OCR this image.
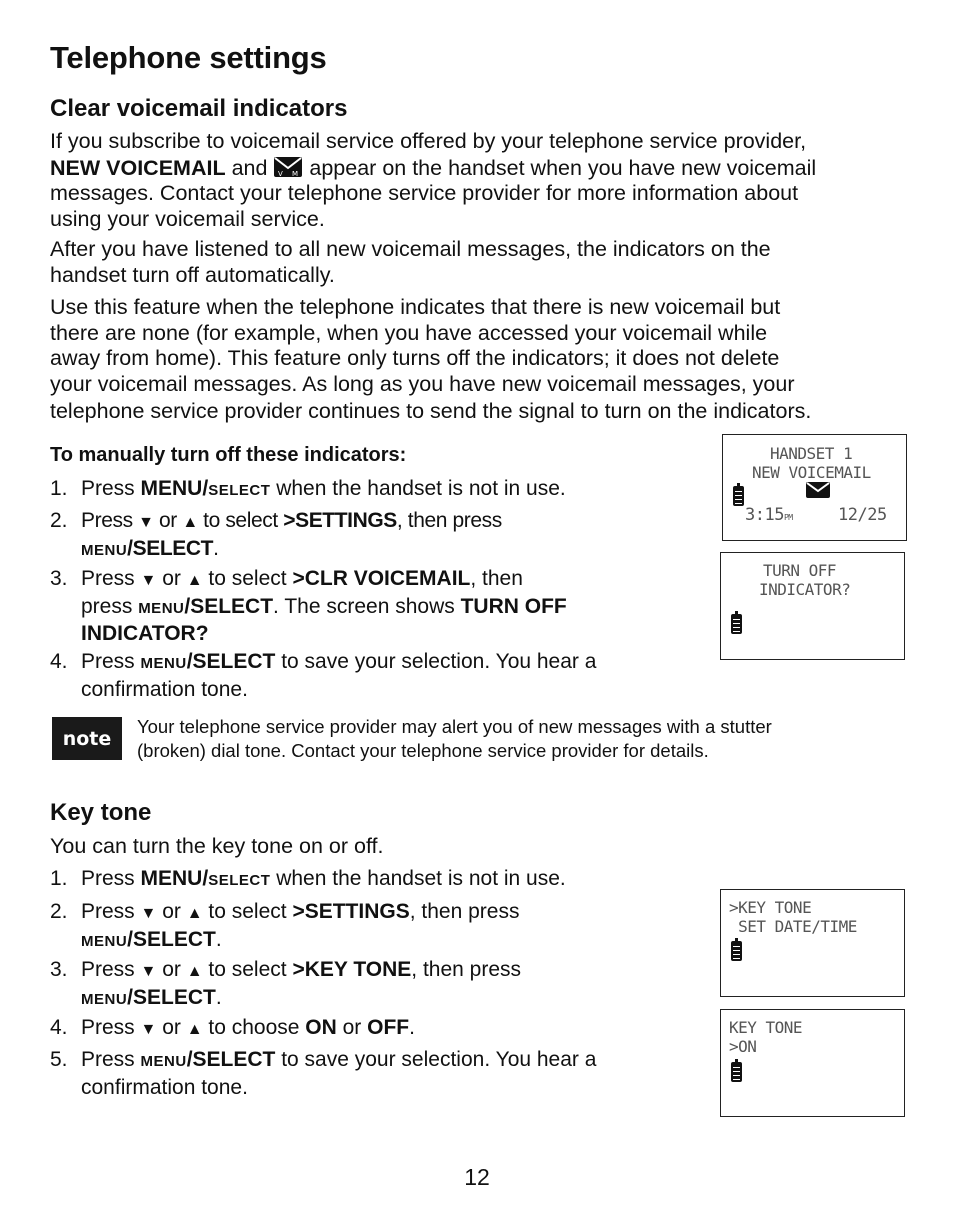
Telephone settings
Clear voicemail indicators
If you subscribe to voicemail service offered by your telephone service provider,
NEW VOICEMAIL and V M appear on the handset when you have new voicemail
messages. Contact your telephone service provider for more information about
using your voicemail service.
After you have listened to all new voicemail messages, the indicators on the
handset turn off automatically.
Use this feature when the telephone indicates that there is new voicemail but
there are none (for example, when you have accessed your voicemail while
away from home). This feature only turns off the indicators; it does not delete
your voicemail messages. As long as you have new voicemail messages, your
telephone service provider continues to send the signal to turn on the indicators.
To manually turn off these indicators:
1. Press MENU/SELECT when the handset is not in use.
2. Press ▼ or ▲ to select >SETTINGS, then press
MENU/SELECT.
3. Press ▼ or ▲ to select >CLR VOICEMAIL, then
press MENU/SELECT. The screen shows TURN OFF
INDICATOR?
4. Press MENU/SELECT to save your selection. You hear a
confirmation tone.
HANDSET 1
NEW VOICEMAIL
3:15PM	12/25
TURN OFF
INDICATOR?
note
Your telephone service provider may alert you of new messages with a stutter
(broken) dial tone. Contact your telephone service provider for details.
Key tone
You can turn the key tone on or off.
1. Press MENU/SELECT when the handset is not in use.
2. Press ▼ or ▲ to select >SETTINGS, then press
MENU/SELECT.
3. Press ▼ or ▲ to select >KEY TONE, then press
MENU/SELECT.
4. Press ▼ or ▲ to choose ON or OFF.
5. Press MENU/SELECT to save your selection. You hear a
confirmation tone.
>KEY TONE
SET DATE/TIME
KEY TONE
>ON
12
